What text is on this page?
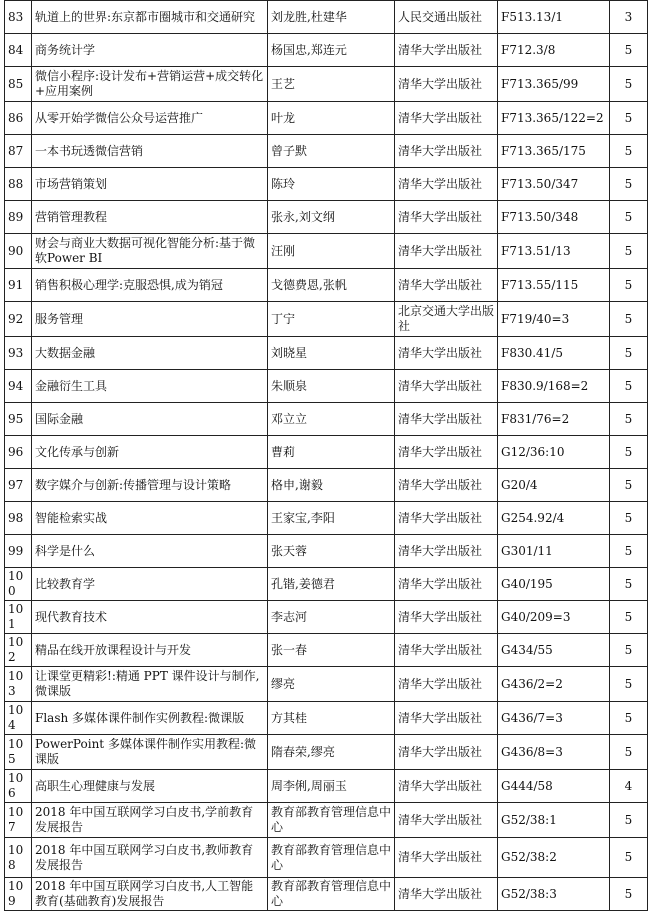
83	轨道上的世界:东京都市圈城市和交通研究	刘龙胜,杜建华	人民交通出版社	F513.13/1	3
84	商务统计学	杨国忠,郑连元	清华大学出版社	F712.3/8	5
85	微信小程序:设计发布+营销运营+成交转化+应用案例	王艺	清华大学出版社	F713.365/99	5
86	从零开始学微信公众号运营推广	叶龙	清华大学出版社	F713.365/122=2	5
87	一本书玩透微信营销	曾子默	清华大学出版社	F713.365/175	5
88	市场营销策划	陈玲	清华大学出版社	F713.50/347	5
89	营销管理教程	张永,刘文纲	清华大学出版社	F713.50/348	5
90	财会与商业大数据可视化智能分析:基于微软Power BI	汪刚	清华大学出版社	F713.51/13	5
91	销售积极心理学:克服恐惧,成为销冠	戈德费恩,张帆	清华大学出版社	F713.55/115	5
92	服务管理	丁宁	北京交通大学出版社	F719/40=3	5
93	大数据金融	刘晓星	清华大学出版社	F830.41/5	5
94	金融衍生工具	朱顺泉	清华大学出版社	F830.9/168=2	5
95	国际金融	邓立立	清华大学出版社	F831/76=2	5
96	文化传承与创新	曹莉	清华大学出版社	G12/36:10	5
97	数字媒介与创新:传播管理与设计策略	格申,谢毅	清华大学出版社	G20/4	5
98	智能检索实战	王家宝,李阳	清华大学出版社	G254.92/4	5
99	科学是什么	张天蓉	清华大学出版社	G301/11	5
100	比较教育学	孔锴,姜德君	清华大学出版社	G40/195	5
101	现代教育技术	李志河	清华大学出版社	G40/209=3	5
102	精品在线开放课程设计与开发	张一春	清华大学出版社	G434/55	5
103	让课堂更精彩!:精通 PPT 课件设计与制作,微课版	缪亮	清华大学出版社	G436/2=2	5
104	Flash 多媒体课件制作实例教程:微课版	方其桂	清华大学出版社	G436/7=3	5
105	PowerPoint 多媒体课件制作实用教程:微课版	隋春荣,缪亮	清华大学出版社	G436/8=3	5
106	高职生心理健康与发展	周李俐,周丽玉	清华大学出版社	G444/58	4
107	2018 年中国互联网学习白皮书,学前教育发展报告	教育部教育管理信息中心	清华大学出版社	G52/38:1	5
108	2018 年中国互联网学习白皮书,教师教育发展报告	教育部教育管理信息中心	清华大学出版社	G52/38:2	5
109	2018 年中国互联网学习白皮书,人工智能教育(基础教育)发展报告	教育部教育管理信息中心	清华大学出版社	G52/38:3	5
